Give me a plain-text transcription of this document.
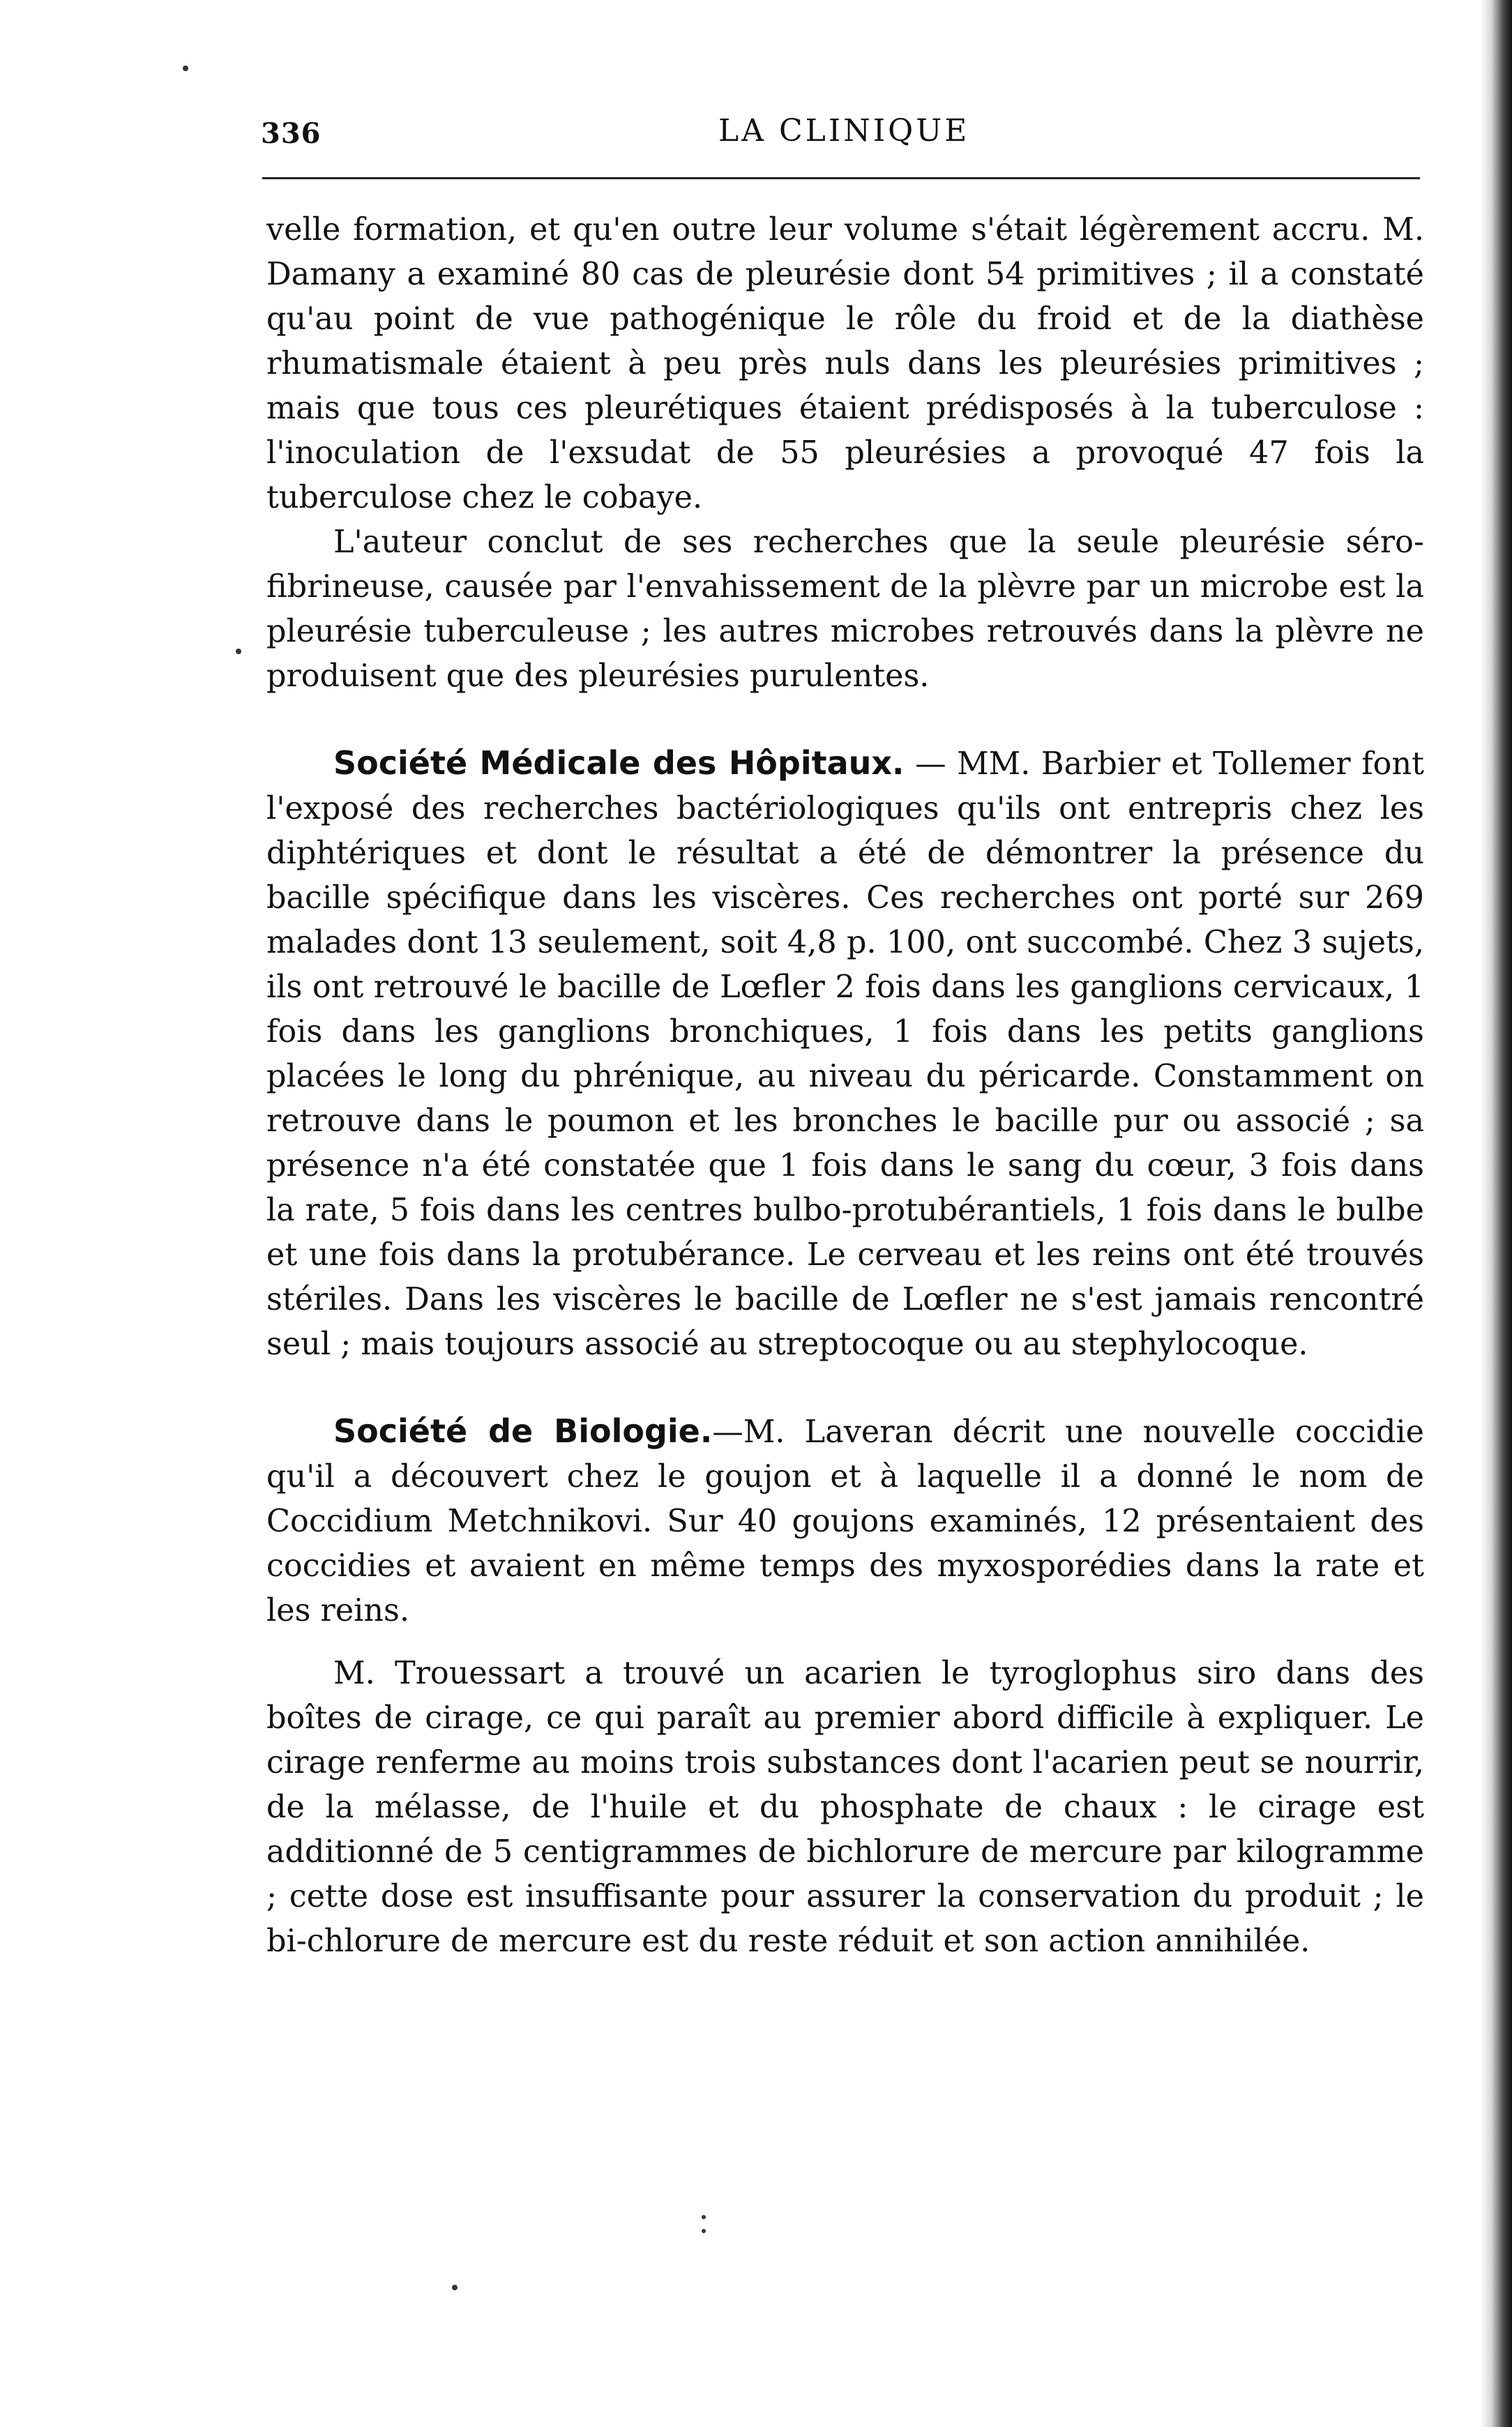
336	LA CLINIQUE

velle formation, et qu'en outre leur volume s'était légèrement accru. M. Damany a examiné 80 cas de pleurésie dont 54 primitives ; il a constaté qu'au point de vue pathogénique le rôle du froid et de la diathèse rhumatismale étaient à peu près nuls dans les pleurésies primitives ; mais que tous ces pleurétiques étaient prédisposés à la tuberculose : l'inoculation de l'exsudat de 55 pleurésies a provoqué 47 fois la tuberculose chez le cobaye.

L'auteur conclut de ses recherches que la seule pleurésie séro-fibrineuse, causée par l'envahissement de la plèvre par un microbe est la pleurésie tuberculeuse ; les autres microbes retrouvés dans la plèvre ne produisent que des pleurésies purulentes.

Société Médicale des Hôpitaux. — MM. Barbier et Tollemer font l'exposé des recherches bactériologiques qu'ils ont entrepris chez les diphtériques et dont le résultat a été de démontrer la présence du bacille spécifique dans les viscères. Ces recherches ont porté sur 269 malades dont 13 seulement, soit 4,8 p. 100, ont succombé. Chez 3 sujets, ils ont retrouvé le bacille de Lœfler 2 fois dans les ganglions cervicaux, 1 fois dans les ganglions bronchiques, 1 fois dans les petits ganglions placées le long du phrénique, au niveau du péricarde. Constamment on retrouve dans le poumon et les bronches le bacille pur ou associé ; sa présence n'a été constatée que 1 fois dans le sang du cœur, 3 fois dans la rate, 5 fois dans les centres bulbo-protubérantiels, 1 fois dans le bulbe et une fois dans la protubérance. Le cerveau et les reins ont été trouvés stériles. Dans les viscères le bacille de Lœfler ne s'est jamais rencontré seul ; mais toujours associé au streptocoque ou au stephylocoque.

Société de Biologie.—M. Laveran décrit une nouvelle coccidie qu'il a découvert chez le goujon et à laquelle il a donné le nom de Coccidium Metchnikovi. Sur 40 goujons examinés, 12 présentaient des coccidies et avaient en même temps des myxosporédies dans la rate et les reins.

M. Trouessart a trouvé un acarien le tyroglophus siro dans des boîtes de cirage, ce qui paraît au premier abord difficile à expliquer. Le cirage renferme au moins trois substances dont l'acarien peut se nourrir, de la mélasse, de l'huile et du phosphate de chaux : le cirage est additionné de 5 centigrammes de bichlorure de mercure par kilogramme ; cette dose est insuffisante pour assurer la conservation du produit ; le bi-chlorure de mercure est du reste réduit et son action annihilée.
